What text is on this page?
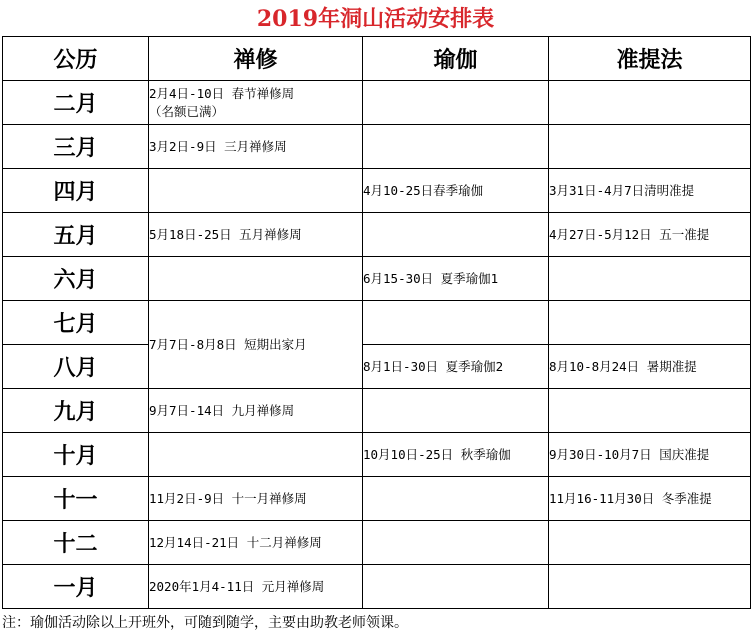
2019年洞山活动安排表
公历	禅修	瑜伽	准提法
二月	2月4日-10日 春节禅修周
（名额已满）		

三月	3月2日-9日 三月禅修周		
四月		4月10-25日春季瑜伽	3月31日-4月7日清明准提
五月	5月18日-25日 五月禅修周		4月27日-5月12日 五一准提
六月		6月15-30日 夏季瑜伽1	
七月	7月7日-8月8日 短期出家月		
八月		8月1日-30日 夏季瑜伽2	8月10-8月24日 暑期准提
九月	9月7日-14日 九月禅修周		
十月		10月10日-25日 秋季瑜伽	9月30日-10月7日 国庆准提
十一	11月2日-9日 十一月禅修周		11月16-11月30日 冬季准提
十二	12月14日-21日 十二月禅修周		
一月	2020年1月4-11日 元月禅修周		
注：瑜伽活动除以上开班外，可随到随学，主要由助教老师领课。
